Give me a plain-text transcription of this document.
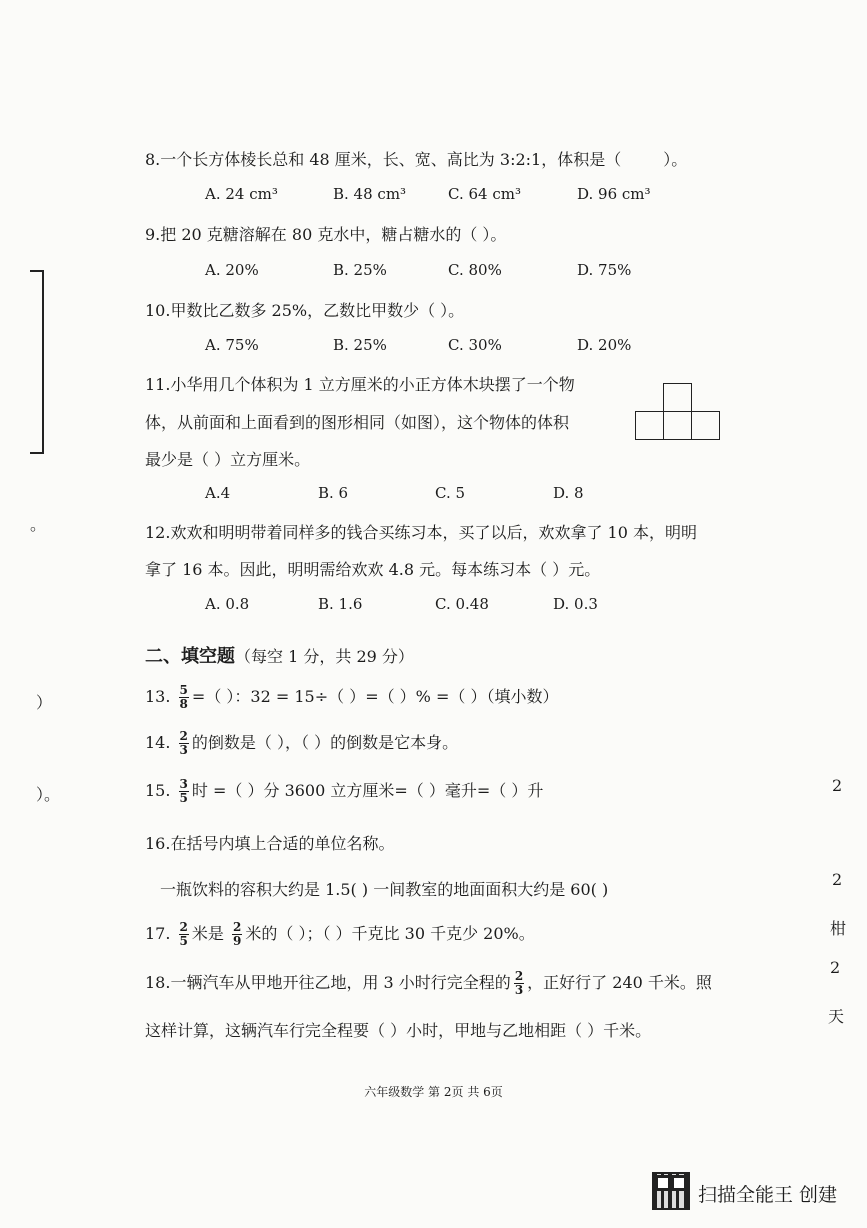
。
）
）。	2
2
柑
2
天
8.一个长方体棱长总和 48 厘米，长、宽、高比为 3:2:1，体积是（	）。
A. 24 cm³	B. 48 cm³	C. 64 cm³	D. 96 cm³
9.把 20 克糖溶解在 80 克水中，糖占糖水的（ ）。
A. 20%	B. 25%	C. 80%	D. 75%
10.甲数比乙数多 25%，乙数比甲数少（ ）。
A. 75%	B. 25%	C. 30%	D. 20%
11.小华用几个体积为 1 立方厘米的小正方体木块摆了一个物
体，从前面和上面看到的图形相同（如图），这个物体的体积
最少是（ ）立方厘米。
A.4	B. 6	C. 5	D. 8
12.欢欢和明明带着同样多的钱合买练习本，买了以后，欢欢拿了 10 本，明明
拿了 16 本。因此，明明需给欢欢 4.8 元。每本练习本（ ）元。
A. 0.8	B. 1.6	C. 0.48	D. 0.3
二、填空题（每空 1 分，共 29 分）
13. $\frac{5}{8}$ =（ ）：32 = 15÷（ ）=（ ）% =（ ）（填小数）
14. $\frac{2}{3}$ 的倒数是（ ），（ ）的倒数是它本身。
15. $\frac{3}{5}$ 时 =（ ）分 3600 立方厘米=（ ）毫升=（ ）升
16.在括号内填上合适的单位名称。
一瓶饮料的容积大约是 1.5( ) 一间教室的地面面积大约是 60( )
17. $\frac{2}{5}$ 米是 $\frac{2}{9}$ 米的（ ）；（ ）千克比 30 千克少 20%。
18.一辆汽车从甲地开往乙地，用 3 小时行完全程的 $\frac{2}{3}$ ，正好行了 240 千米。照
这样计算，这辆汽车行完全程要（ ）小时，甲地与乙地相距（ ）千米。
六年级数学 第 2页 共 6页
扫描全能王 创建
